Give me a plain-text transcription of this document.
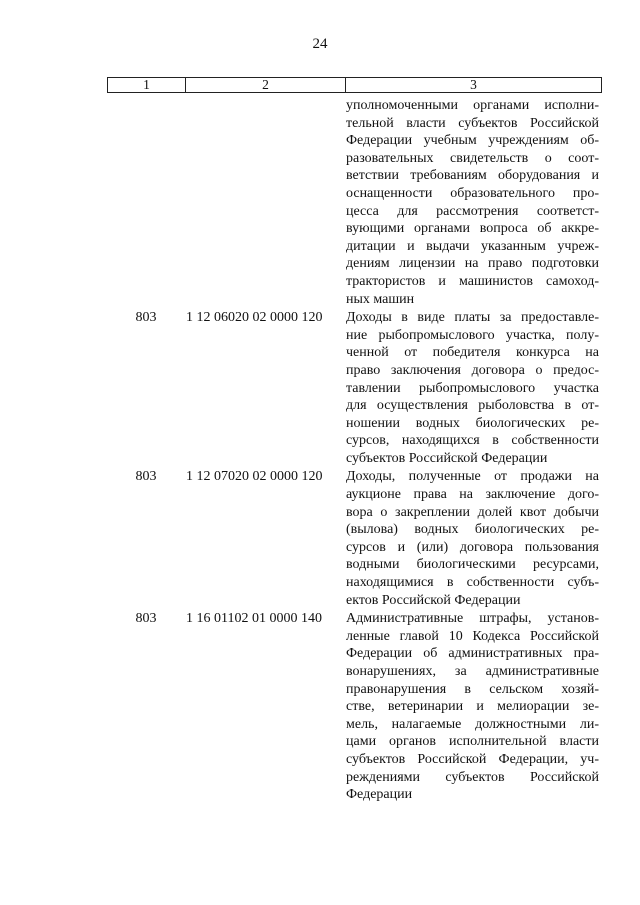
24
1	2	3
уполномоченными органами исполни-
тельной власти субъектов Российской
Федерации учебным учреждениям об-
разовательных свидетельств о соот-
ветствии требованиям оборудования и
оснащенности образовательного про-
цесса для рассмотрения соответст-
вующими органами вопроса об аккре-
дитации и выдачи указанным учреж-
дениям лицензии на право подготовки
трактористов и машинистов самоход-
ных машин
803	1 12 06020 02 0000 120	Доходы в виде платы за предоставле-
ние рыбопромыслового участка, полу-
ченной от победителя конкурса на
право заключения договора о предос-
тавлении рыбопромыслового участка
для осуществления рыболовства в от-
ношении водных биологических ре-
сурсов, находящихся в собственности
субъектов Российской Федерации
803	1 12 07020 02 0000 120	Доходы, полученные от продажи на
аукционе права на заключение дого-
вора о закреплении долей квот добычи
(вылова) водных биологических ре-
сурсов и (или) договора пользования
водными биологическими ресурсами,
находящимися в собственности субъ-
ектов Российской Федерации
803	1 16 01102 01 0000 140	Административные штрафы, установ-
ленные главой 10 Кодекса Российской
Федерации об административных пра-
вонарушениях, за административные
правонарушения в сельском хозяй-
стве, ветеринарии и мелиорации зе-
мель, налагаемые должностными ли-
цами органов исполнительной власти
субъектов Российской Федерации, уч-
реждениями субъектов Российской
Федерации
